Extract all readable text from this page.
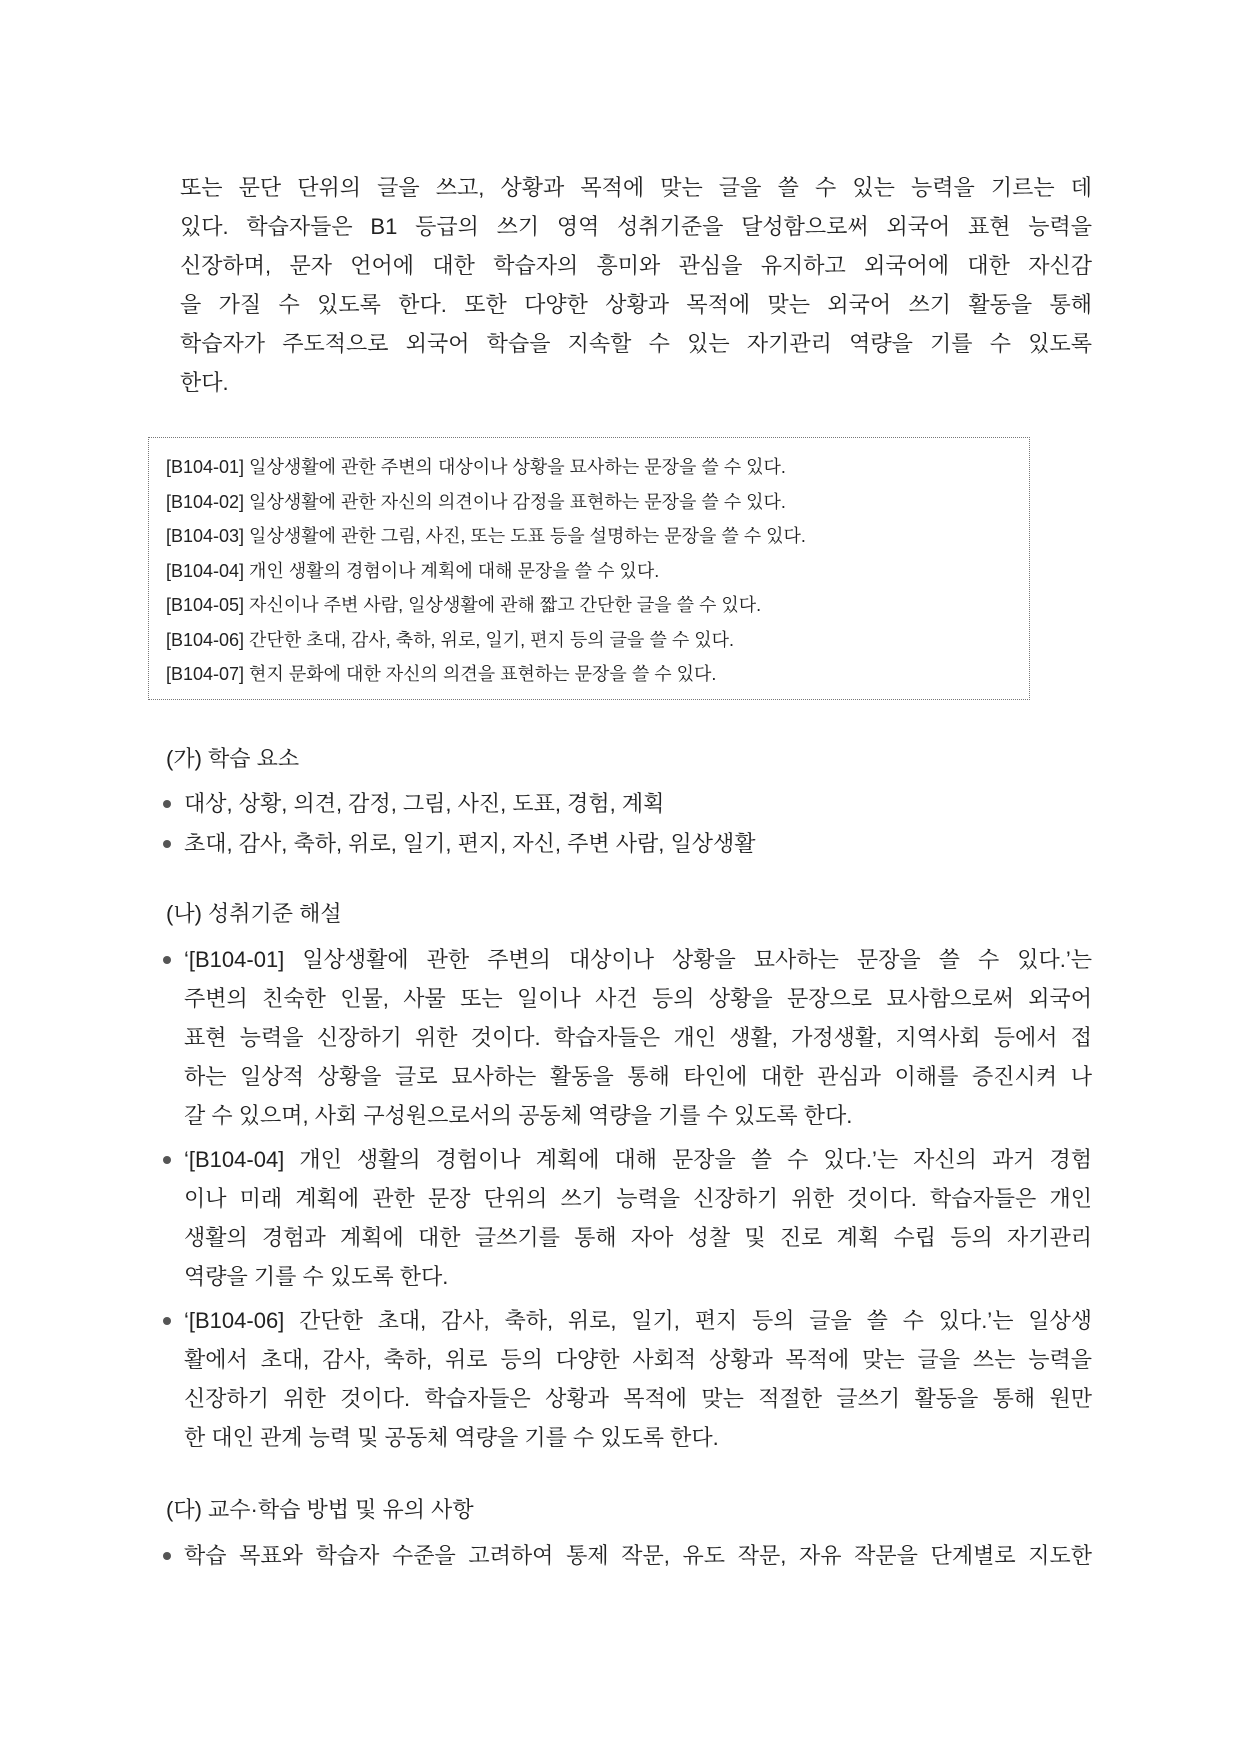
또는 문단 단위의 글을 쓰고, 상황과 목적에 맞는 글을 쓸 수 있는 능력을 기르는 데
있다. 학습자들은 B1 등급의 쓰기 영역 성취기준을 달성함으로써 외국어 표현 능력을
신장하며, 문자 언어에 대한 학습자의 흥미와 관심을 유지하고 외국어에 대한 자신감
을 가질 수 있도록 한다. 또한 다양한 상황과 목적에 맞는 외국어 쓰기 활동을 통해
학습자가 주도적으로 외국어 학습을 지속할 수 있는 자기관리 역량을 기를 수 있도록
한다.
[B104-01] 일상생활에 관한 주변의 대상이나 상황을 묘사하는 문장을 쓸 수 있다.
[B104-02] 일상생활에 관한 자신의 의견이나 감정을 표현하는 문장을 쓸 수 있다.
[B104-03] 일상생활에 관한 그림, 사진, 또는 도표 등을 설명하는 문장을 쓸 수 있다.
[B104-04] 개인 생활의 경험이나 계획에 대해 문장을 쓸 수 있다.
[B104-05] 자신이나 주변 사람, 일상생활에 관해 짧고 간단한 글을 쓸 수 있다.
[B104-06] 간단한 초대, 감사, 축하, 위로, 일기, 편지 등의 글을 쓸 수 있다.
[B104-07] 현지 문화에 대한 자신의 의견을 표현하는 문장을 쓸 수 있다.
(가) 학습 요소
대상, 상황, 의견, 감정, 그림, 사진, 도표, 경험, 계획
초대, 감사, 축하, 위로, 일기, 편지, 자신, 주변 사람, 일상생활
(나) 성취기준 해설
‘[B104-01] 일상생활에 관한 주변의 대상이나 상황을 묘사하는 문장을 쓸 수 있다.’는
주변의 친숙한 인물, 사물 또는 일이나 사건 등의 상황을 문장으로 묘사함으로써 외국어
표현 능력을 신장하기 위한 것이다. 학습자들은 개인 생활, 가정생활, 지역사회 등에서 접
하는 일상적 상황을 글로 묘사하는 활동을 통해 타인에 대한 관심과 이해를 증진시켜 나
갈 수 있으며, 사회 구성원으로서의 공동체 역량을 기를 수 있도록 한다.
‘[B104-04] 개인 생활의 경험이나 계획에 대해 문장을 쓸 수 있다.’는 자신의 과거 경험
이나 미래 계획에 관한 문장 단위의 쓰기 능력을 신장하기 위한 것이다. 학습자들은 개인
생활의 경험과 계획에 대한 글쓰기를 통해 자아 성찰 및 진로 계획 수립 등의 자기관리
역량을 기를 수 있도록 한다.
‘[B104-06] 간단한 초대, 감사, 축하, 위로, 일기, 편지 등의 글을 쓸 수 있다.’는 일상생
활에서 초대, 감사, 축하, 위로 등의 다양한 사회적 상황과 목적에 맞는 글을 쓰는 능력을
신장하기 위한 것이다. 학습자들은 상황과 목적에 맞는 적절한 글쓰기 활동을 통해 원만
한 대인 관계 능력 및 공동체 역량을 기를 수 있도록 한다.
(다) 교수·학습 방법 및 유의 사항
학습 목표와 학습자 수준을 고려하여 통제 작문, 유도 작문, 자유 작문을 단계별로 지도한
